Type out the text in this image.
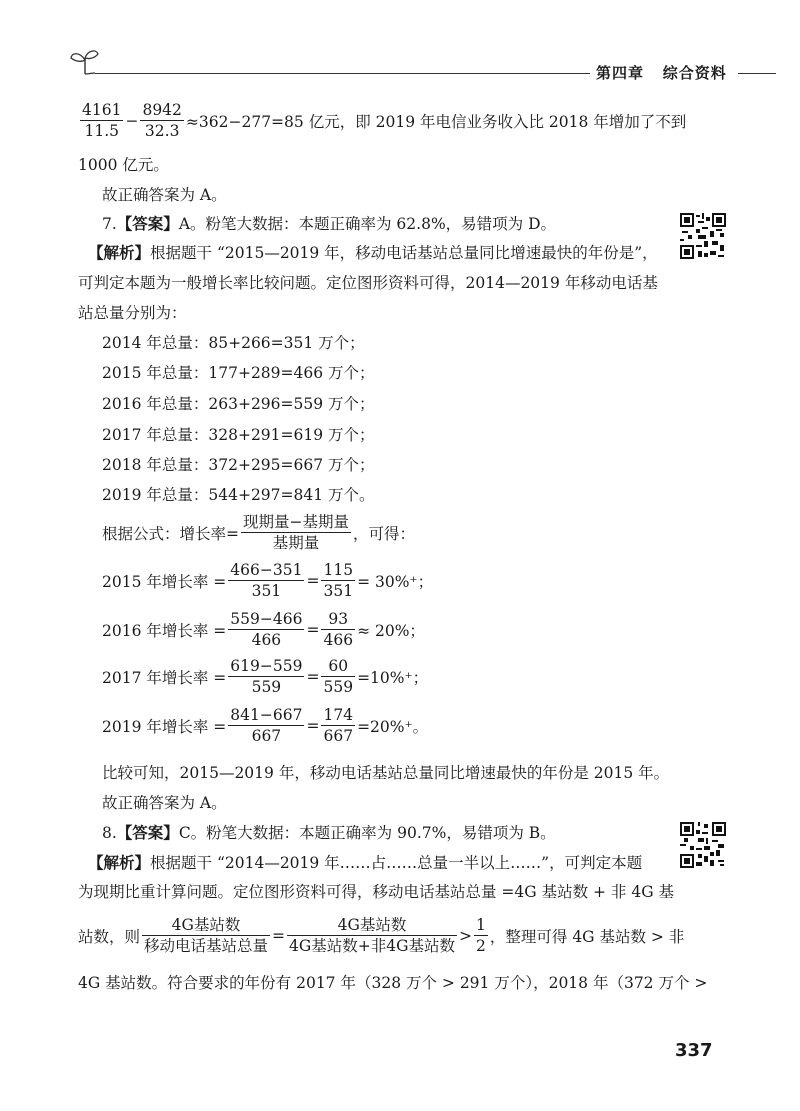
第四章 综合资料
$\frac{4161}{11.5} - \frac{8942}{32.3} \approx 362-277=85$ 亿元，即 2019 年电信业务收入比 2018 年增加了不到
1000 亿元。
故正确答案为 A。
7.【答案】A。粉笔大数据：本题正确率为 62.8%，易错项为 D。
【解析】根据题干 “2015—2019 年，移动电话基站总量同比增速最快的年份是”，
可判定本题为一般增长率比较问题。定位图形资料可得，2014—2019 年移动电话基
站总量分别为：
2014 年总量：85+266=351 万个；
2015 年总量：177+289=466 万个；
2016 年总量：263+296=559 万个；
2017 年总量：328+291=619 万个；
2018 年总量：372+295=667 万个；
2019 年总量：544+297=841 万个。
根据公式：增长率= $\frac{\text{现期量−基期量}}{\text{基期量}}$ ，可得：
2015 年增长率 = $\frac{466-351}{351} = \frac{115}{351} = 30\%^+$；
2016 年增长率 = $\frac{559-466}{466} = \frac{93}{466} \approx 20\%$；
2017 年增长率 = $\frac{619-559}{559} = \frac{60}{559} =10\%^+$；
2019 年增长率 = $\frac{841-667}{667} = \frac{174}{667} =20\%^+$。
比较可知，2015—2019 年，移动电话基站总量同比增速最快的年份是 2015 年。
故正确答案为 A。
8.【答案】C。粉笔大数据：本题正确率为 90.7%，易错项为 B。
【解析】根据题干 “2014—2019 年……占……总量一半以上……”，可判定本题
为现期比重计算问题。定位图形资料可得，移动电话基站总量 =4G 基站数 + 非 4G 基
站数，则 $\frac{\text{4G基站数}}{\text{移动电话基站总量}} = \frac{\text{4G基站数}}{\text{4G基站数+非4G基站数}} > \frac{1}{2}$ ，整理可得 4G 基站数 > 非
4G 基站数。符合要求的年份有 2017 年（328 万个 > 291 万个），2018 年（372 万个 >
337
